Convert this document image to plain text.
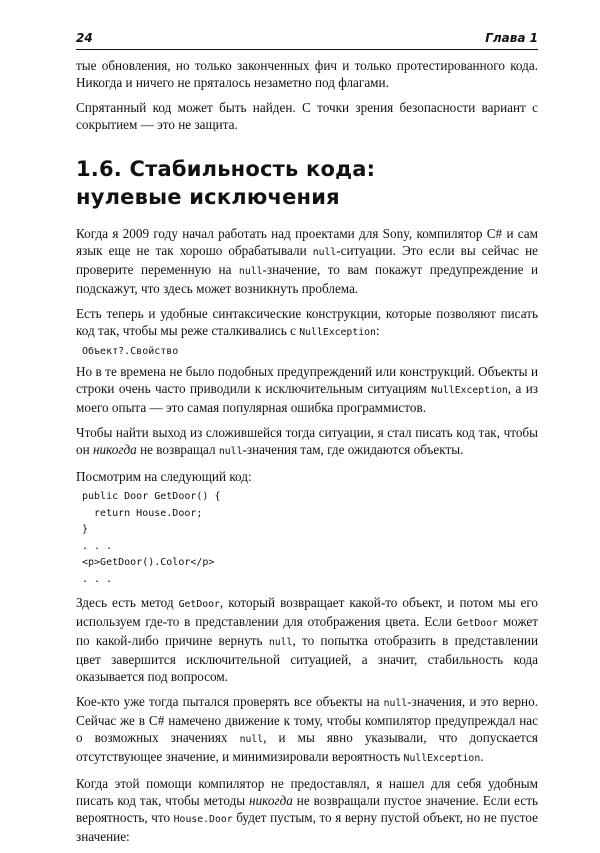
24	Глава 1

тые обновления, но только законченных фич и только протестированного кода. Никогда и ничего не пряталось незаметно под флагами.

Спрятанный код может быть найден. С точки зрения безопасности вариант с сокрытием — это не защита.

1.6. Стабильность кода:
нулевые исключения

Когда я 2009 году начал работать над проектами для Sony, компилятор C# и сам язык еще не так хорошо обрабатывали null-ситуации. Это если вы сейчас не проверите переменную на null-значение, то вам покажут предупреждение и подскажут, что здесь может возникнуть проблема.

Есть теперь и удобные синтаксические конструкции, которые позволяют писать код так, чтобы мы реже сталкивались с NullException:

Объект?.Свойство

Но в те времена не было подобных предупреждений или конструкций. Объекты и строки очень часто приводили к исключительным ситуациям NullException, а из моего опыта — это самая популярная ошибка программистов.

Чтобы найти выход из сложившейся тогда ситуации, я стал писать код так, чтобы он никогда не возвращал null-значения там, где ожидаются объекты.

Посмотрим на следующий код:

public Door GetDoor() {
return House.Door;
}
. . .
<p>GetDoor().Color</p>
. . .

Здесь есть метод GetDoor, который возвращает какой-то объект, и потом мы его используем где-то в представлении для отображения цвета. Если GetDoor может по какой-либо причине вернуть null, то попытка отобразить в представлении цвет завершится исключительной ситуацией, а значит, стабильность кода оказывается под вопросом.

Кое-кто уже тогда пытался проверять все объекты на null-значения, и это верно. Сейчас же в C# намечено движение к тому, чтобы компилятор предупреждал нас о возможных значениях null, и мы явно указывали, что допускается отсутствующее значение, и минимизировали вероятность NullException.

Когда этой помощи компилятор не предоставлял, я нашел для себя удобным писать код так, чтобы методы никогда не возвращали пустое значение. Если есть вероятность, что House.Door будет пустым, то я верну пустой объект, но не пустое значение:
